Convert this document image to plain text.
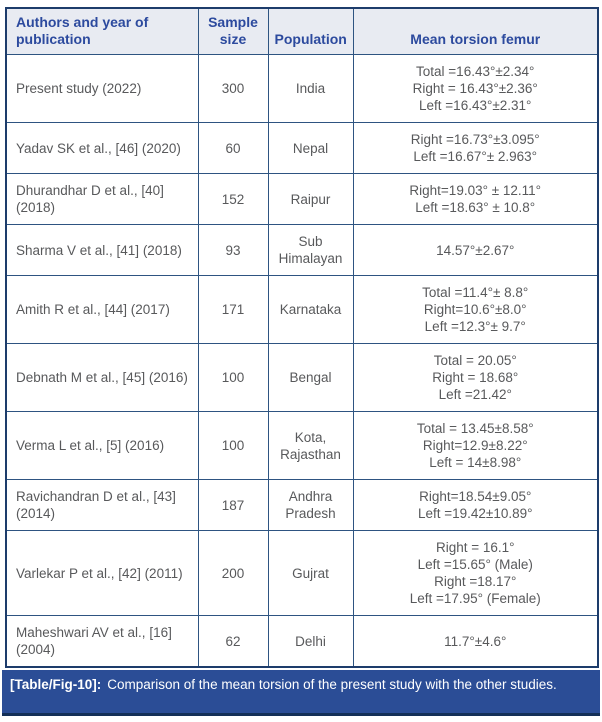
Authors and year of publication	Sample size	Population	Mean torsion femur
Present study (2022)	300	India	Total =16.43°±2.34°
Right = 16.43°±2.36°
Left =16.43°±2.31°

Yadav SK et al., [46] (2020)	60	Nepal	Right =16.73°±3.095°
Left =16.67°± 2.963°

Dhurandhar D et al., [40] (2018)	152	Raipur	Right=19.03° ± 12.11°
Left =18.63° ± 10.8°

Sharma V et al., [41] (2018)	93	Sub Himalayan	14.57°±2.67°

Amith R et al., [44] (2017)	171	Karnataka	Total =11.4°± 8.8°
Right=10.6°±8.0°
Left =12.3°± 9.7°

Debnath M et al., [45] (2016)	100	Bengal	Total = 20.05°
Right = 18.68°
Left =21.42°

Verma L et al., [5] (2016)	100	Kota, Rajasthan	Total = 13.45±8.58°
Right=12.9±8.22°
Left = 14±8.98°

Ravichandran D et al., [43] (2014)	187	Andhra Pradesh	Right=18.54±9.05°
Left =19.42±10.89°

Varlekar P et al., [42] (2011)	200	Gujrat	Right = 16.1°
Left =15.65° (Male)
Right =18.17°
Left =17.95° (Female)

Maheshwari AV et al., [16] (2004)	62	Delhi	11.7°±4.6°
[Table/Fig-10]: Comparison of the mean torsion of the present study with the other studies.
